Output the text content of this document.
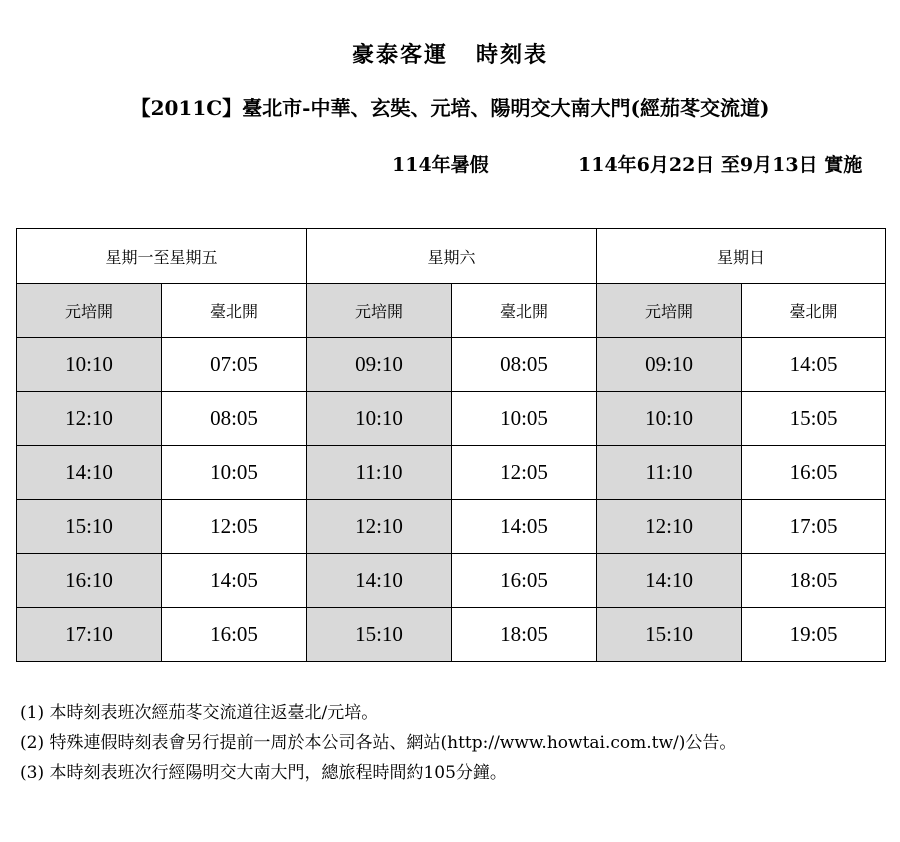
豪泰客運 時刻表
【2011C】臺北市-中華、玄奘、元培、陽明交大南大門(經茄苳交流道)
114年暑假	114年6月22日 至9月13日 實施
星期一至星期五		星期六		星期日	
元培開	臺北開	元培開	臺北開	元培開	臺北開
10:10	07:05	09:10	08:05	09:10	14:05
12:10	08:05	10:10	10:05	10:10	15:05
14:10	10:05	11:10	12:05	11:10	16:05
15:10	12:05	12:10	14:05	12:10	17:05
16:10	14:05	14:10	16:05	14:10	18:05
17:10	16:05	15:10	18:05	15:10	19:05
(1) 本時刻表班次經茄苳交流道往返臺北/元培。
(2) 特殊連假時刻表會另行提前一周於本公司各站、網站(http://www.howtai.com.tw/)公告。
(3) 本時刻表班次行經陽明交大南大門，總旅程時間約105分鐘。
